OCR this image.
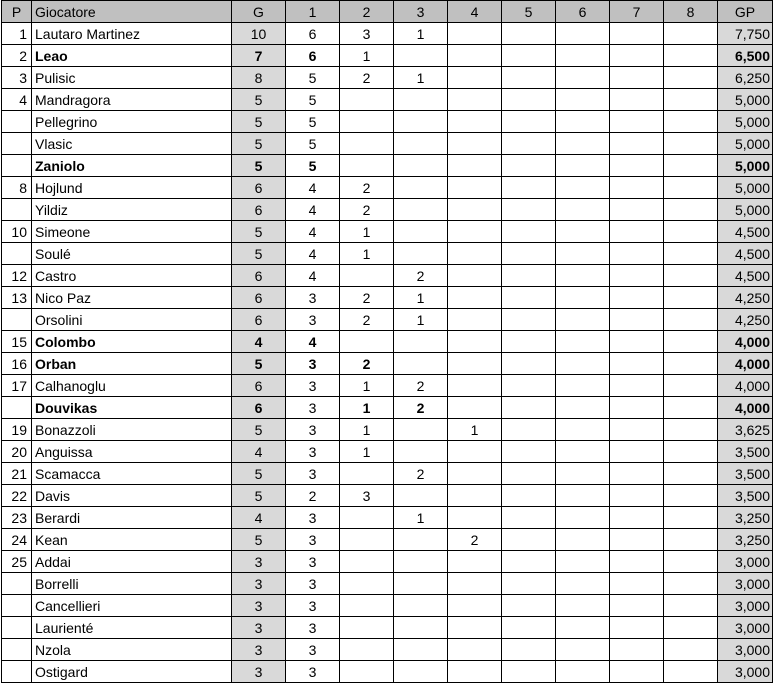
P	Giocatore	G	1	2	3	4	5	6	7	8	GP
1	Lautaro Martinez	10	6	3	1						7,750
2	Leao	7	6	1							6,500
3	Pulisic	8	5	2	1						6,250
4	Mandragora	5	5								5,000
	Pellegrino	5	5								5,000
	Vlasic	5	5								5,000
	Zaniolo	5	5								5,000
8	Hojlund	6	4	2							5,000
	Yildiz	6	4	2							5,000
10	Simeone	5	4	1							4,500
	Soulé	5	4	1							4,500
12	Castro	6	4		2						4,500
13	Nico Paz	6	3	2	1						4,250
	Orsolini	6	3	2	1						4,250
15	Colombo	4	4								4,000
16	Orban	5	3	2							4,000
17	Calhanoglu	6	3	1	2						4,000
	Douvikas	6	3	1	2						4,000
19	Bonazzoli	5	3	1		1					3,625
20	Anguissa	4	3	1							3,500
21	Scamacca	5	3		2						3,500
22	Davis	5	2	3							3,500
23	Berardi	4	3		1						3,250
24	Kean	5	3			2					3,250
25	Addai	3	3								3,000
	Borrelli	3	3								3,000
	Cancellieri	3	3								3,000
	Laurienté	3	3								3,000
	Nzola	3	3								3,000
	Ostigard	3	3								3,000
